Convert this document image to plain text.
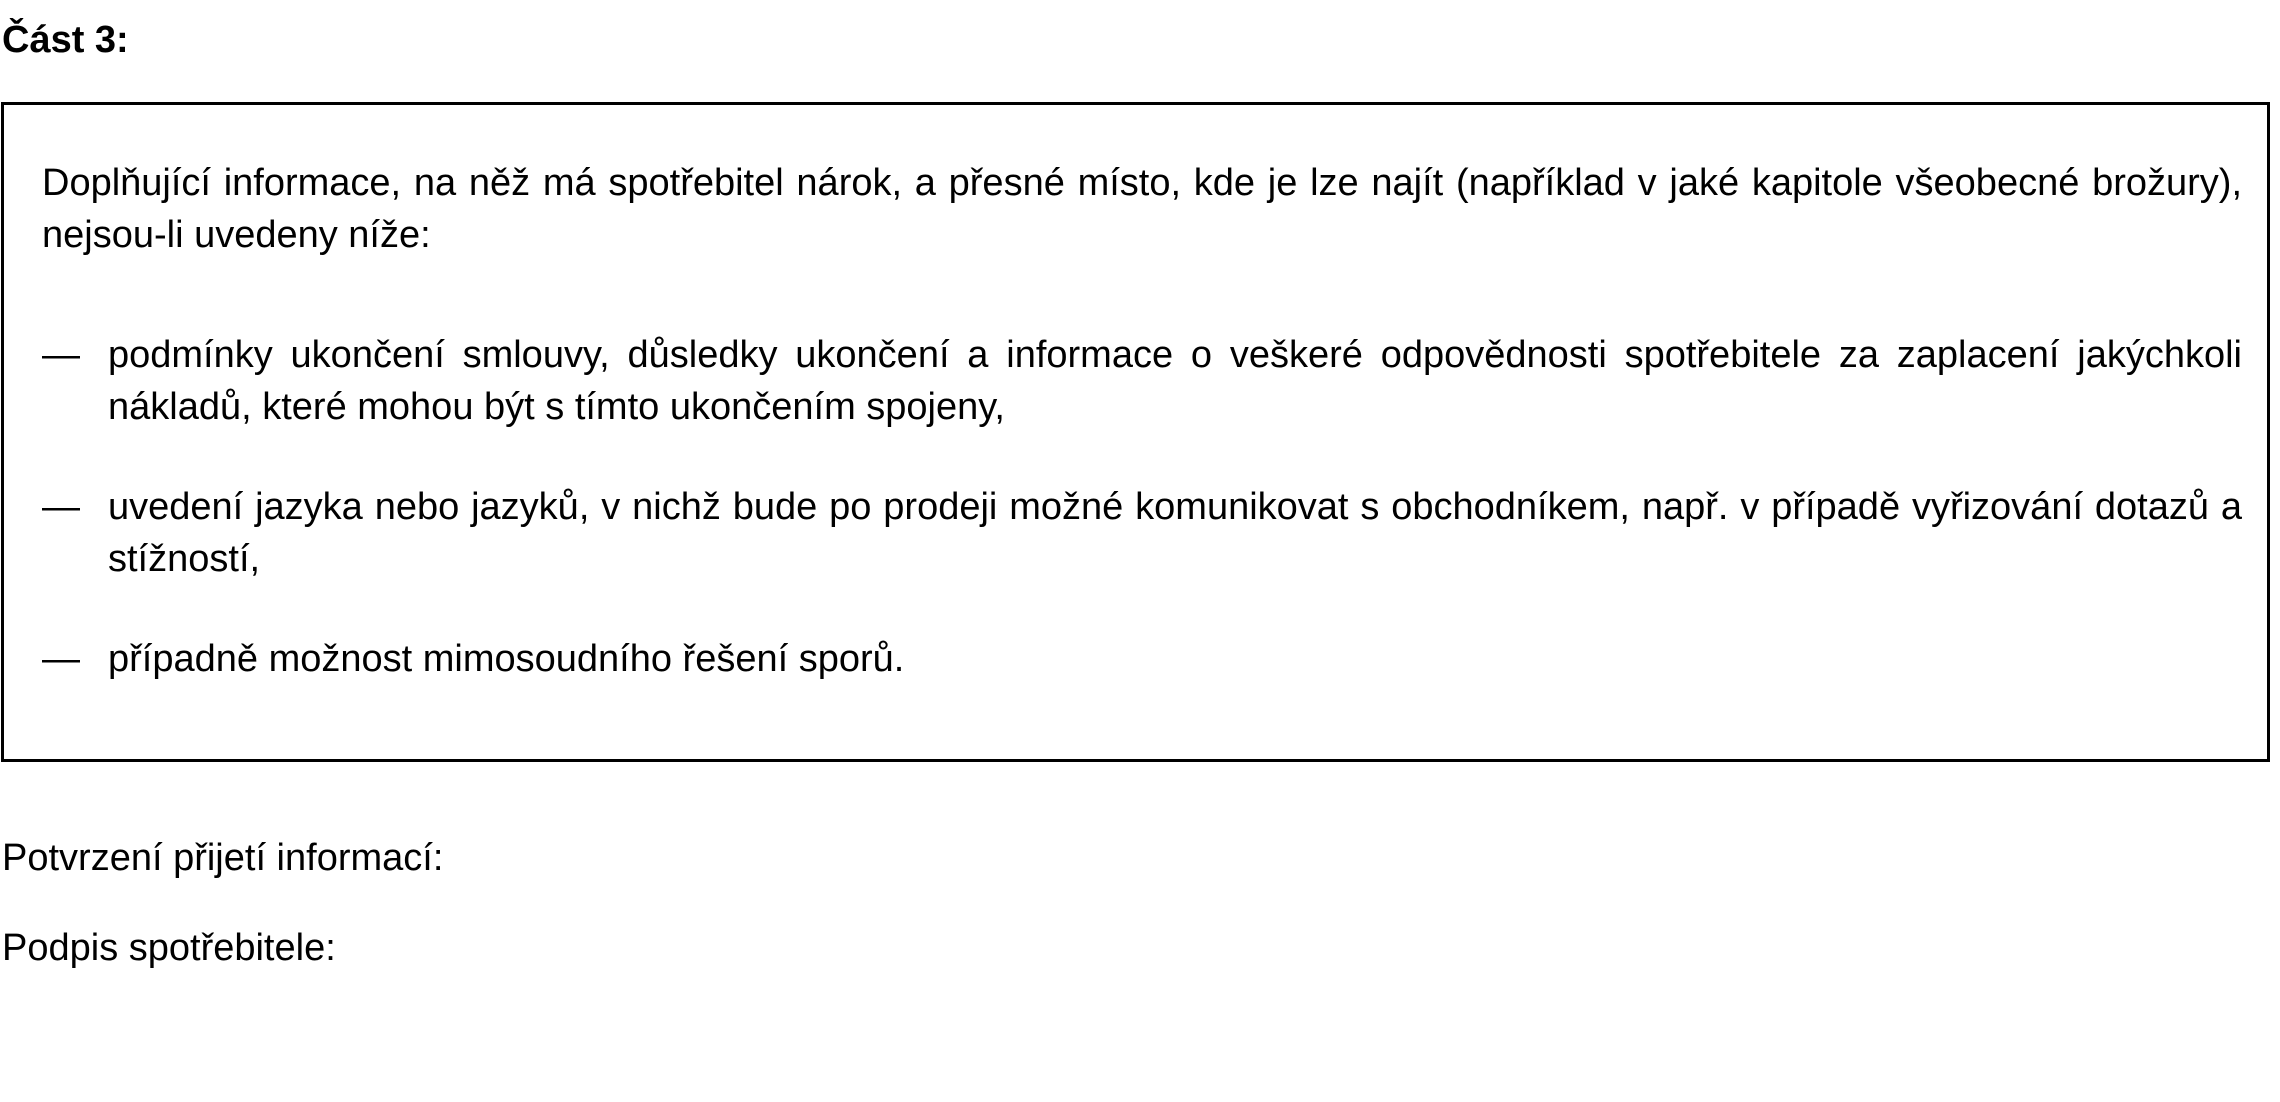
Část 3:

Doplňující informace, na něž má spotřebitel nárok, a přesné místo, kde je lze najít (například v jaké kapitole všeobecné brožury), nejsou-li uvedeny níže:

— podmínky ukončení smlouvy, důsledky ukončení a informace o veškeré odpovědnosti spotřebitele za zaplacení jakýchkoli nákladů, které mohou být s tímto ukončením spojeny,
— uvedení jazyka nebo jazyků, v nichž bude po prodeji možné komunikovat s obchodníkem, např. v případě vyřizování dotazů a stížností,
— případně možnost mimosoudního řešení sporů.

Potvrzení přijetí informací:

Podpis spotřebitele:
